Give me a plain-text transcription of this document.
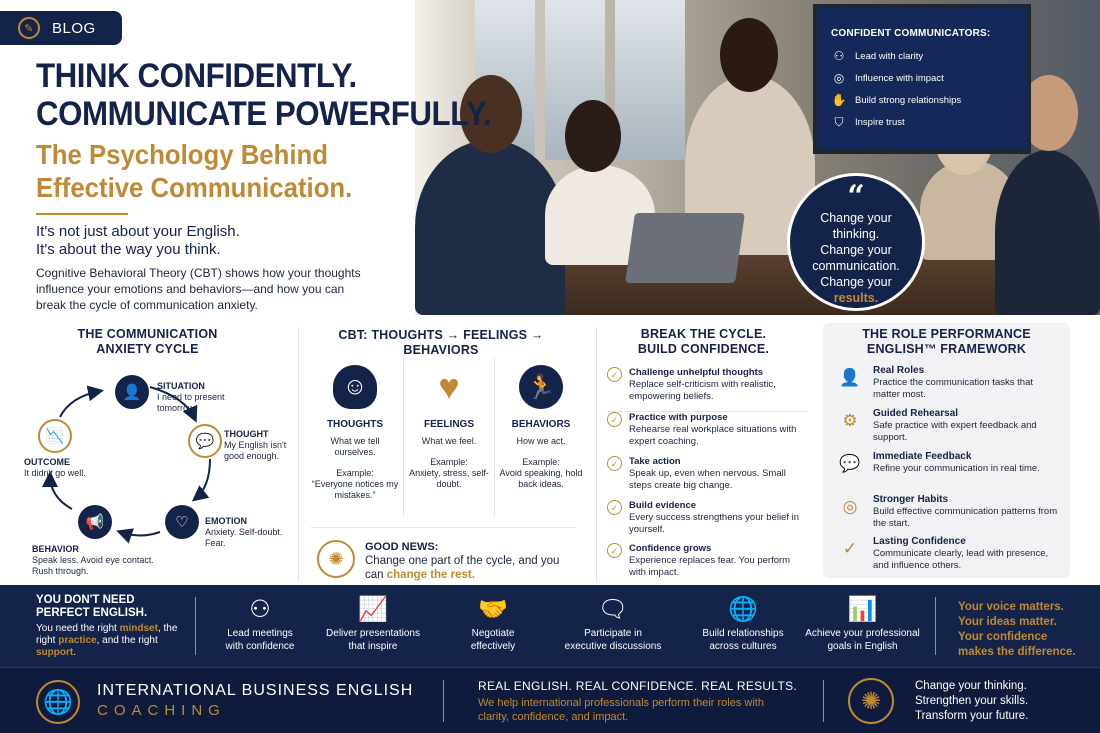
CONFIDENT COMMUNICATORS:
⚇ Lead with clarity
◎ Influence with impact
✋ Build strong relationships
⛉	Inspire trust
“
Change your
thinking.
Change your
communication.
Change your
results.
✎	BLOG
THINK CONFIDENTLY.
COMMUNICATE POWERFULLY.
The Psychology Behind
Effective Communication.
It's not just about your English.
It's about the way you think.
Cognitive Behavioral Theory (CBT) shows how your thoughts influence your emotions and behaviors—and how you can break the cycle of communication anxiety.
THE COMMUNICATION
ANXIETY CYCLE
👤	SITUATION
I need to present tomorrow.
💬	THOUGHT
My English isn't good enough.
♡	EMOTION
Anxiety. Self-doubt. Fear.
📢
BEHAVIOR
Speak less. Avoid eye contact. Rush through.
📉
OUTCOME
It didn't go well.
CBT: THOUGHTS → FEELINGS → BEHAVIORS
☺
THOUGHTS

What we tell ourselves.

Example:

“Everyone notices my mistakes.”

♥
FEELINGS

What we feel.

Example:

Anxiety, stress, self-doubt.

🏃
BEHAVIORS

How we act.

Example:

Avoid speaking, hold back ideas.

✺
GOOD NEWS:
Change one part of the cycle, and you can change the rest.
BREAK THE CYCLE.
BUILD CONFIDENCE.
✓	Challenge unhelpful thoughts
Replace self-criticism with realistic, empowering beliefs.
✓	Practice with purpose
Rehearse real workplace situations with expert coaching.
✓	Take action
Speak up, even when nervous. Small steps create big change.
✓	Build evidence
Every success strengthens your belief in yourself.
✓	Confidence grows
Experience replaces fear. You perform with impact.
THE ROLE PERFORMANCE
ENGLISH™ FRAMEWORK
👤 Real Roles
Practice the communication tasks that matter most.
⚙	Guided Rehearsal
Safe practice with expert feedback and support.
💬 Immediate Feedback
Refine your communication in real time.
◎	Stronger Habits
Build effective communication patterns from the start.
✓	Lasting Confidence
Communicate clearly, lead with presence, and influence others.
YOU DON'T NEED
PERFECT ENGLISH.
You need the right mindset, the right practice, and the right support.
⚇
Lead meetings
with confidence
📈
Deliver presentations
that inspire
🤝
Negotiate
effectively
🗨
Participate in
executive discussions
🌐
Build relationships
across cultures
📊
Achieve your professional
goals in English
Your voice matters.
Your ideas matter.
Your confidence
makes the difference.
🌐	INTERNATIONAL BUSINESS ENGLISH
COACHING
REAL ENGLISH. REAL CONFIDENCE. REAL RESULTS.
We help international professionals perform their roles with clarity, confidence, and impact.
✺
Change your thinking.
Strengthen your skills.
Transform your future.
